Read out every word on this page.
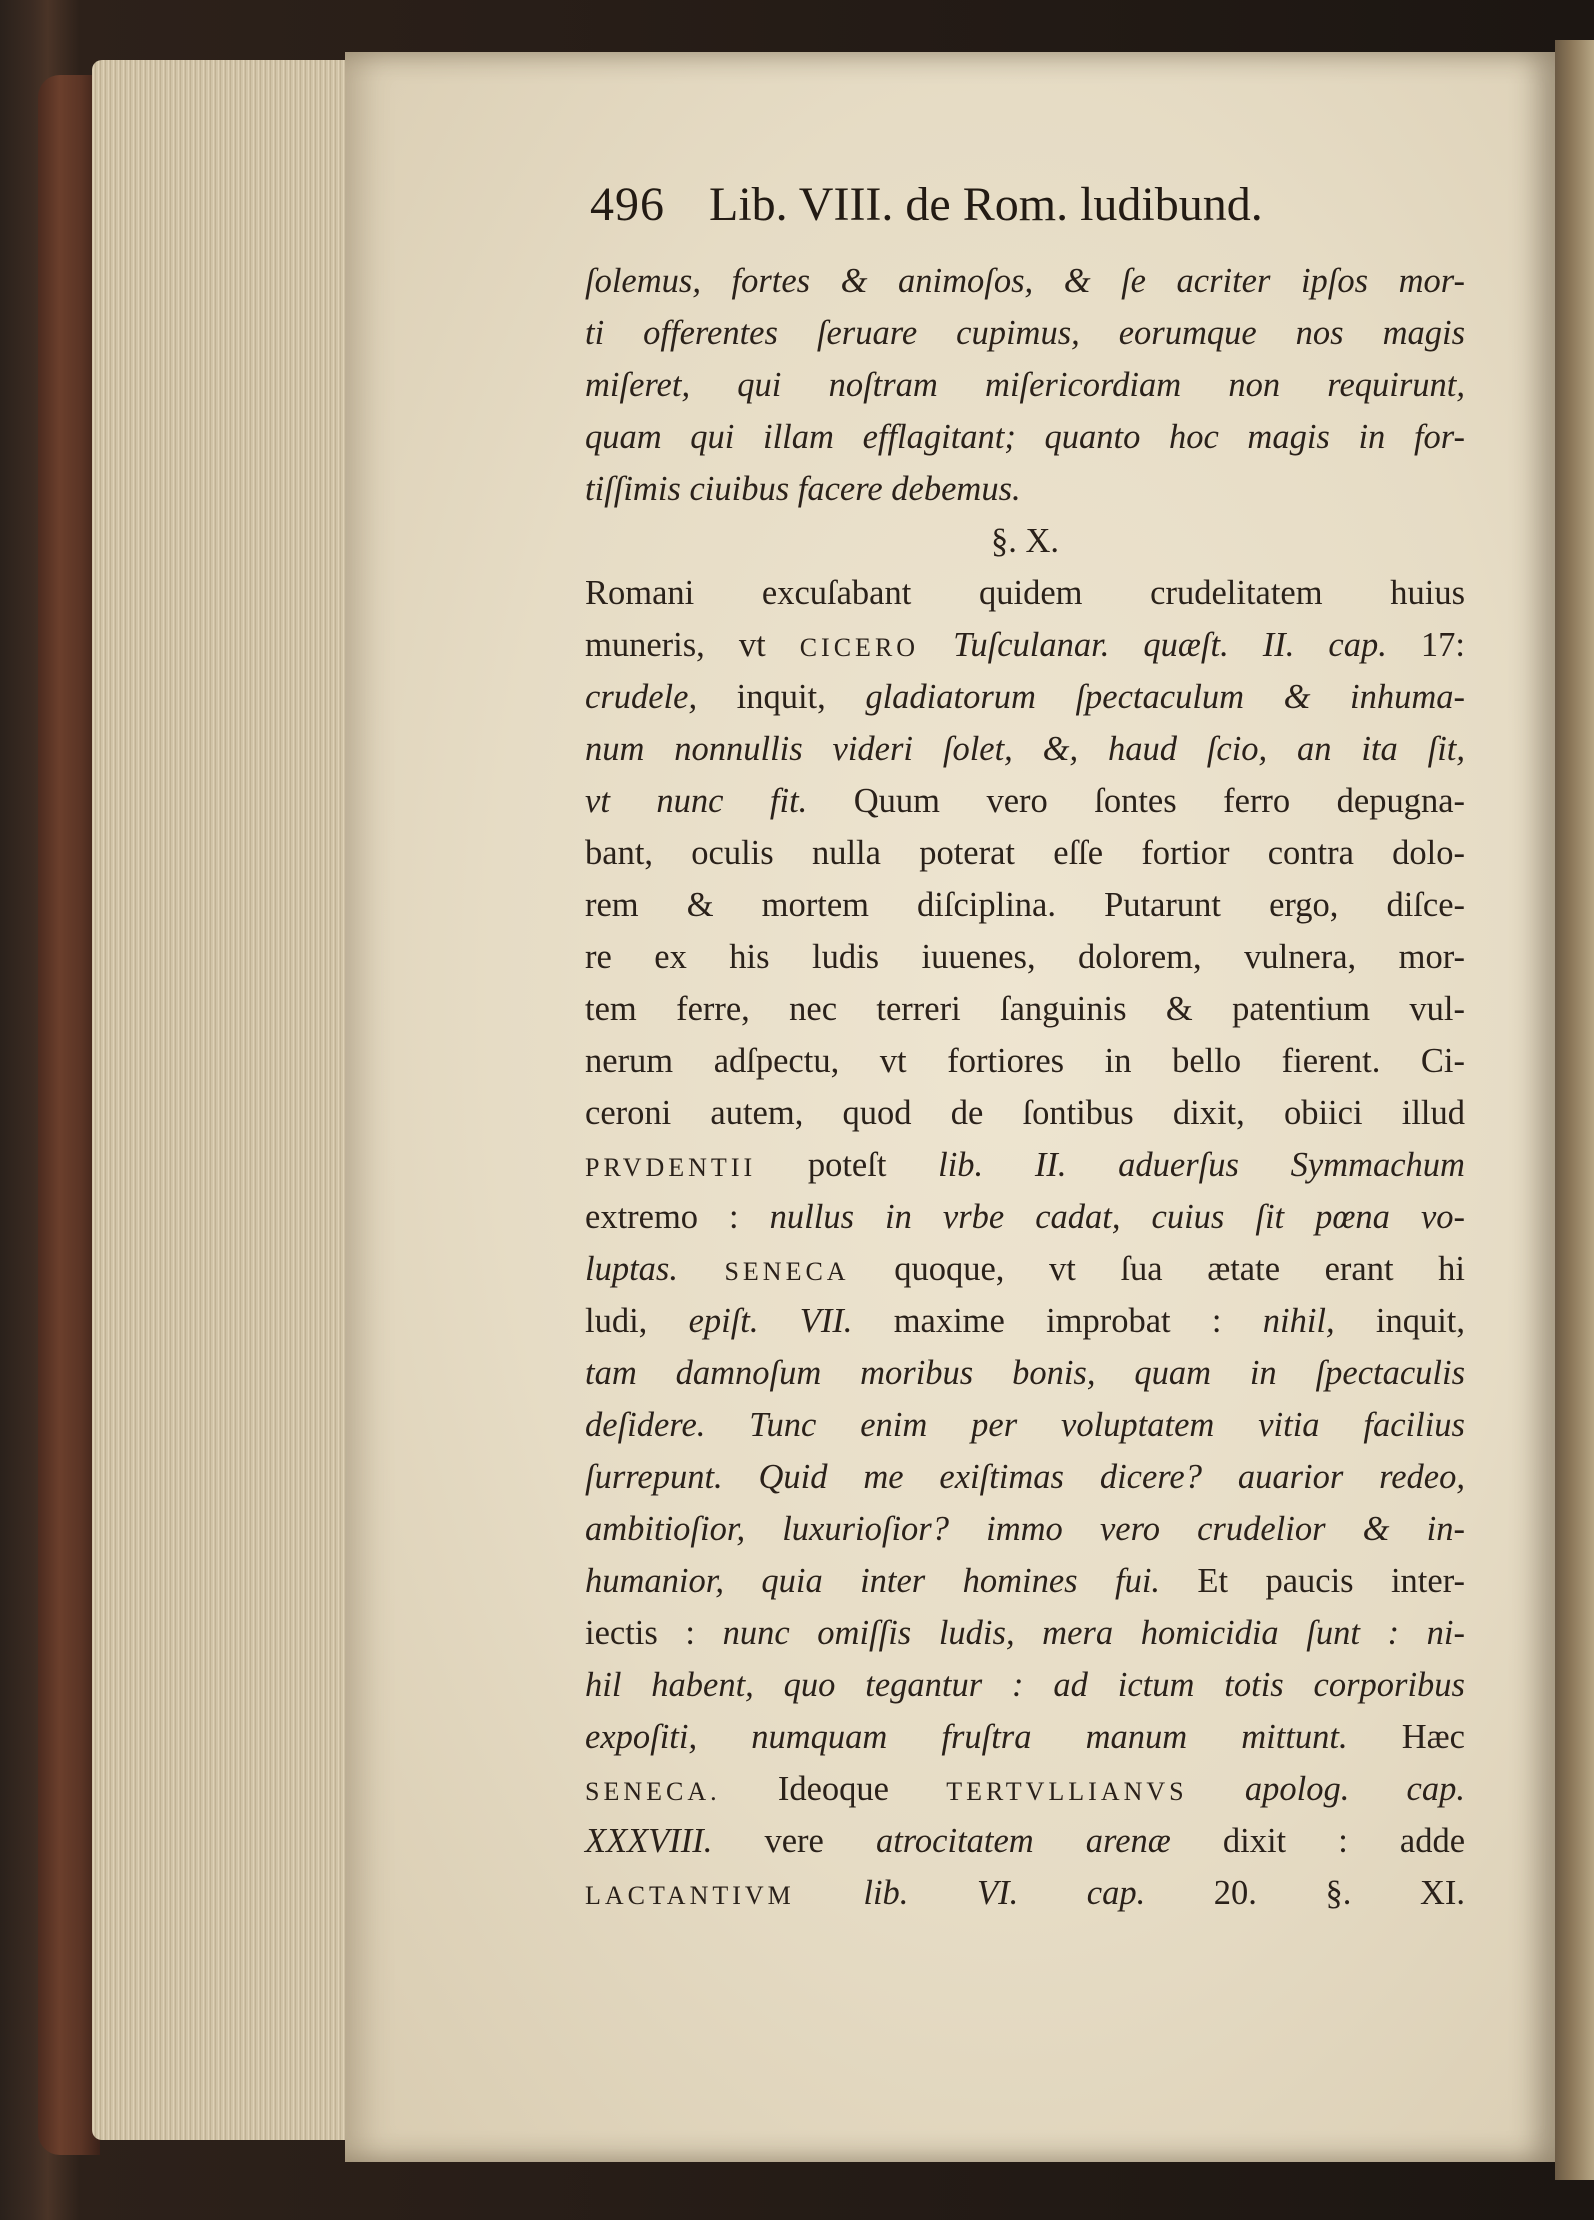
496 Lib. VIII. de Rom. ludibund.
ſolemus, fortes & animoſos, & ſe acriter ipſos mor-
ti offerentes ſeruare cupimus, eorumque nos magis
miſeret, qui noſtram miſericordiam non requirunt,
quam qui illam efflagitant; quanto hoc magis in for-
tiſſimis ciuibus facere debemus.
§. X.
Romani excuſabant quidem crudelitatem huius
muneris, vt CICERO Tuſculanar. quæſt. II. cap. 17:
crudele, inquit, gladiatorum ſpectaculum & inhuma-
num nonnullis videri ſolet, &, haud ſcio, an ita ſit,
vt nunc fit. Quum vero ſontes ferro depugna-
bant, oculis nulla poterat eſſe fortior contra dolo-
rem & mortem diſciplina. Putarunt ergo, diſce-
re ex his ludis iuuenes, dolorem, vulnera, mor-
tem ferre, nec terreri ſanguinis & patentium vul-
nerum adſpectu, vt fortiores in bello fierent. Ci-
ceroni autem, quod de ſontibus dixit, obiici illud
PRVDENTII poteſt lib. II. aduerſus Symmachum
extremo : nullus in vrbe cadat, cuius ſit pœna vo-
luptas. SENECA quoque, vt ſua ætate erant hi
ludi, epiſt. VII. maxime improbat : nihil, inquit,
tam damnoſum moribus bonis, quam in ſpectaculis
deſidere. Tunc enim per voluptatem vitia facilius
ſurrepunt. Quid me exiſtimas dicere? auarior redeo,
ambitioſior, luxurioſior? immo vero crudelior & in-
humanior, quia inter homines fui. Et paucis inter-
iectis : nunc omiſſis ludis, mera homicidia ſunt : ni-
hil habent, quo tegantur : ad ictum totis corporibus
expoſiti, numquam fruſtra manum mittunt. Hæc
SENECA. Ideoque TERTVLLIANVS apolog. cap.
XXXVIII. vere atrocitatem arenæ dixit : adde
LACTANTIVM lib. VI. cap. 20. §. XI.
